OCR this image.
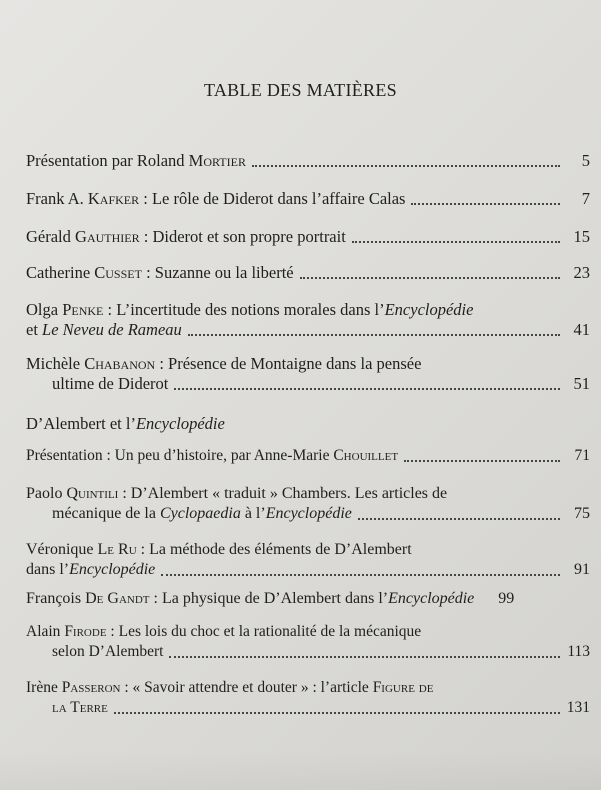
TABLE DES MATIÈRES
Présentation par Roland Mortier	5
Frank A. Kafker : Le rôle de Diderot dans l’affaire Calas	7
Gérald Gauthier : Diderot et son propre portrait	15
Catherine Cusset : Suzanne ou la liberté	23
Olga Penke : L’incertitude des notions morales dans l’Encyclopédie
et Le Neveu de Rameau	41
Michèle Chabanon : Présence de Montaigne dans la pensée
ultime de Diderot	51
D’Alembert et l’Encyclopédie
Présentation : Un peu d’histoire, par Anne-Marie Chouillet	71
Paolo Quintili : D’Alembert « traduit » Chambers. Les articles de
mécanique de la Cyclopaedia à l’Encyclopédie	75
Véronique Le Ru : La méthode des éléments de D’Alembert
dans l’Encyclopédie	91
François De Gandt : La physique de D’Alembert dans l’Encyclopédie	99
Alain Firode : Les lois du choc et la rationalité de la mécanique
selon D’Alembert	113
Irène Passeron : « Savoir attendre et douter » : l’article Figure de
la Terre	131
